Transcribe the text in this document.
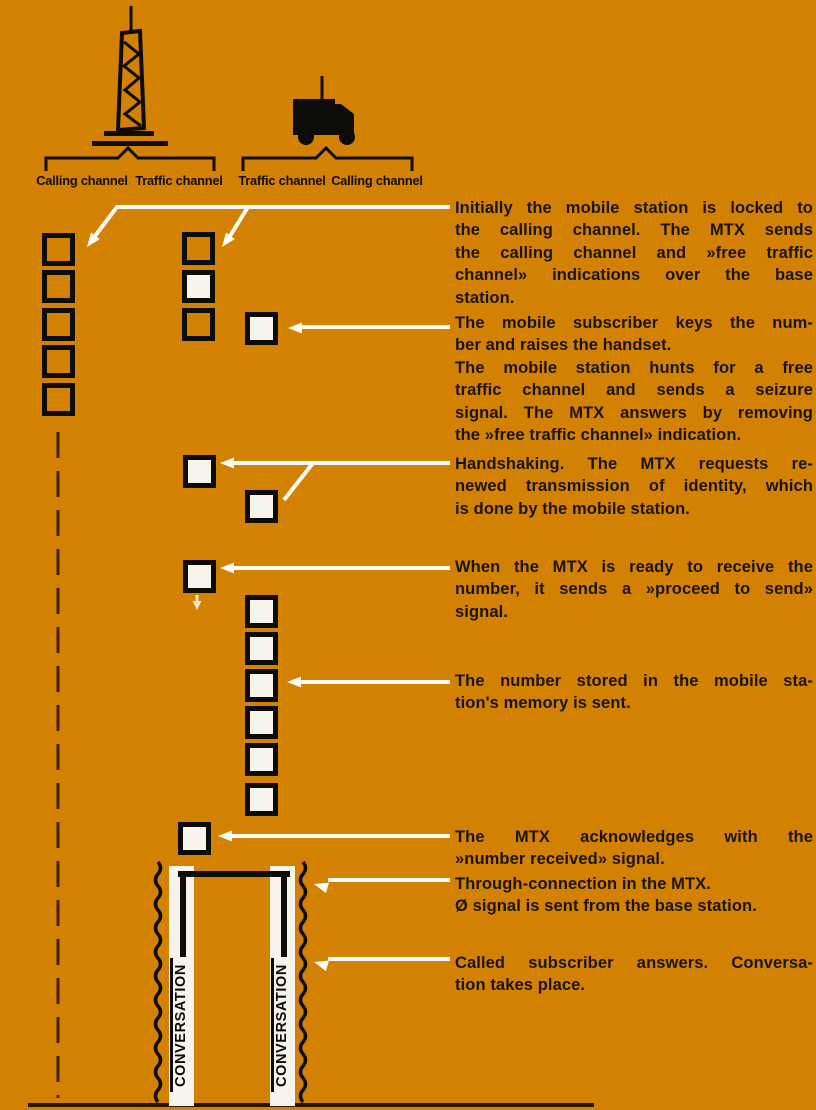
Calling channel Traffic channel Traffic channel Calling channel
CONVERSATION	CONVERSATION
Initially the mobile station is locked to
the calling channel. The MTX sends
the calling channel and »free traffic
channel» indications over the base
station.
The mobile subscriber keys the num-
ber and raises the handset.
The mobile station hunts for a free
traffic channel and sends a seizure
signal. The MTX answers by removing
the »free traffic channel» indication.
Handshaking. The MTX requests re-
newed transmission of identity, which
is done by the mobile station.
When the MTX is ready to receive the
number, it sends a »proceed to send»
signal.
The number stored in the mobile sta-
tion's memory is sent.
The MTX acknowledges with the
»number received» signal.
Through-connection in the MTX.
Ø signal is sent from the base station.
Called subscriber answers. Conversa-
tion takes place.
